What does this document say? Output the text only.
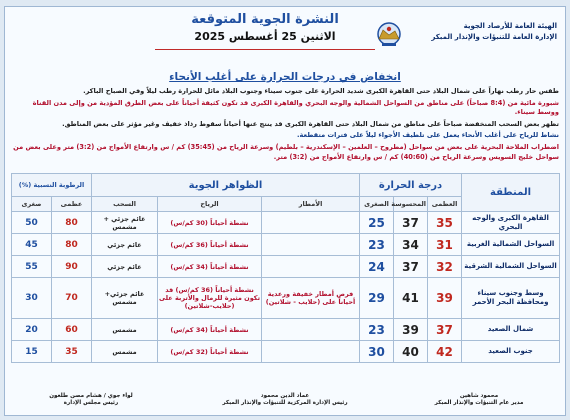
الهيئة العامة للأرصاد الجوية
الإدارة العامة للتنبؤات والإنذار المبكر
النشرة الجوية المتوقعة
الاثنين 25 أغسطس 2025
انخفاض في درجات الحرارة على أغلب الأنحاء

طقس حار رطب نهاراً على شمال البلاد حتى القاهرة الكبرى شديد الحرارة على جنوب سيناء وجنوب البلاد مائل للحرارة رطب ليلاً وفي الصباح الباكر.

شبورة مائية من (8:4 صباحاً) على مناطق من السواحل الشمالية والوجه البحري والقاهرة الكبرى قد تكون كثيفة أحياناً على بعض الطرق المؤدية من وإلى مدن القناة ووسط سيناء.

تظهر بعض السحب المنخفضة صباحاً على مناطق من شمال البلاد حتى القاهرة الكبرى قد ينتج عنها أحياناً سقوط رذاذ خفيف وغير مؤثر على بعض المناطق.

نشاط للرياح على أغلب الأنحاء يعمل على تلطيف الأجواء ليلاً على فترات متقطعة.

اضطراب الملاحة البحرية على بعض من سواحل (مطروح – العلمين – الإسكندرية – بلطيم) وسرعة الرياح من (35:45) كم / س وارتفاع الأمواج من (3:2) متر وعلى بعض من سواحل خليج السويس وسرعة الرياح من (40:60) كم / س وارتفاع الأمواج من (3:2) متر.

المنطقة	درجة الحرارة			الظواهر الجوية			الرطوبة النسبية (%)	
	العظمى	المحسوسة	الصغرى	الأمطار	الرياح	السحب	عظمى	صغرى
القاهرة الكبرى والوجه البحري	35	37	25		نشطة أحياناً (30 كم/س)	غائم جزئي + مشمس	80	50
السواحل الشمالية الغربية	31	34	23		نشطة أحياناً (36 كم/س)	غائم جزئي	80	45
السواحل الشمالية الشرقية	32	37	24		نشطة أحياناً (34 كم/س)	غائم جزئي	90	55
وسط وجنوب سيناء ومحافظة البحر الأحمر	39	41	29	فرص أمطار خفيفة ورعدية أحياناً على (حلايب - شلاتين)	نشطة أحياناً (36 كم/س) قد تكون مثيرة للرمال والأتربة على (حلايب-شلاتين)	غائم جزئي+ مشمس	70	30
شمال الصعيد	37	39	23		نشطة أحياناً (34 كم/س)	مشمس	60	20
جنوب الصعيد	42	40	30		نشطة أحياناً (32 كم/س)	مشمس	35	15
محمود شاهين
مدير عام التنبؤات والإنذار المبكر
عماد الدين محمود
رئيس الإدارة المركزية للتنبؤات والإنذار المبكر
لواء جوي / هشام مصن طلعون
رئيس مجلس الإدارة
